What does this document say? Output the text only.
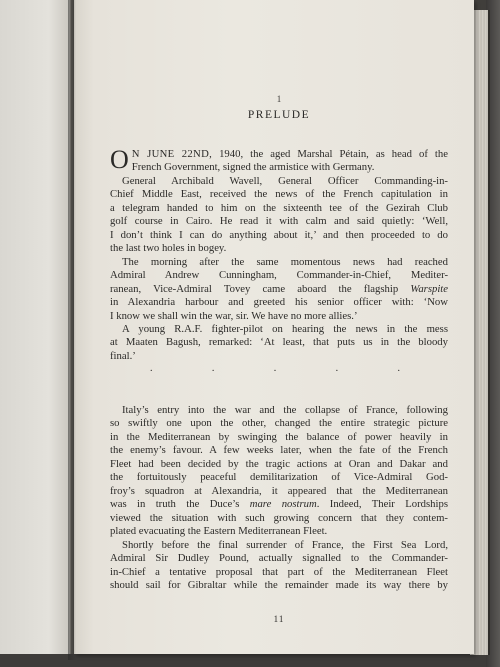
1
PRELUDE
O N JUNE 22ND, 1940, the aged Marshal Pétain, as head of the
French Government, signed the armistice with Germany.
General Archibald Wavell, General Officer Commanding-in-
Chief Middle East, received the news of the French capitulation in
a telegram handed to him on the sixteenth tee of the Gezirah Club
golf course in Cairo. He read it with calm and said quietly: ‘Well,
I don’t think I can do anything about it,’ and then proceeded to do
the last two holes in bogey.
The morning after the same momentous news had reached
Admiral Andrew Cunningham, Commander-in-Chief, Mediter-
ranean, Vice-Admiral Tovey came aboard the flagship Warspite
in Alexandria harbour and greeted his senior officer with: ‘Now
I know we shall win the war, sir. We have no more allies.’
A young R.A.F. fighter-pilot on hearing the news in the mess
at Maaten Bagush, remarked: ‘At least, that puts us in the bloody
final.’
.	.	.	.	.
Italy’s entry into the war and the collapse of France, following
so swiftly one upon the other, changed the entire strategic picture
in the Mediterranean by swinging the balance of power heavily in
the enemy’s favour. A few weeks later, when the fate of the French
Fleet had been decided by the tragic actions at Oran and Dakar and
the fortuitously peaceful demilitarization of Vice-Admiral God-
froy’s squadron at Alexandria, it appeared that the Mediterranean
was in truth the Duce’s mare nostrum. Indeed, Their Lordships
viewed the situation with such growing concern that they contem-
plated evacuating the Eastern Mediterranean Fleet.
Shortly before the final surrender of France, the First Sea Lord,
Admiral Sir Dudley Pound, actually signalled to the Commander-
in-Chief a tentative proposal that part of the Mediterranean Fleet
should sail for Gibraltar while the remainder made its way there by
11
